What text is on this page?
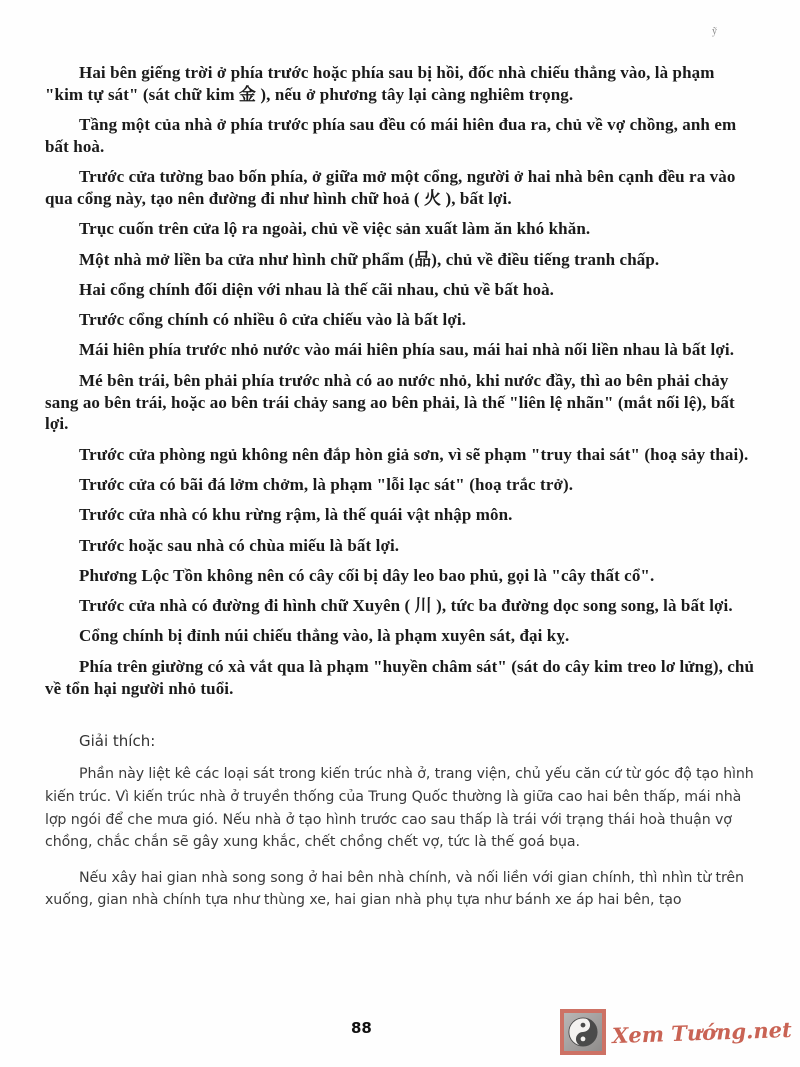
ỹ

Hai bên giếng trời ở phía trước hoặc phía sau bị hồi, đốc nhà chiếu thẳng vào, là phạm "kim tự sát" (sát chữ kim 金 ), nếu ở phương tây lại càng nghiêm trọng.

Tầng một của nhà ở phía trước phía sau đều có mái hiên đua ra, chủ về vợ chồng, anh em bất hoà.

Trước cửa tường bao bốn phía, ở giữa mở một cổng, người ở hai nhà bên cạnh đều ra vào qua cổng này, tạo nên đường đi như hình chữ hoả ( 火 ), bất lợi.

Trục cuốn trên cửa lộ ra ngoài, chủ về việc sản xuất làm ăn khó khăn.

Một nhà mở liền ba cửa như hình chữ phẩm (品), chủ về điều tiếng tranh chấp.

Hai cổng chính đối diện với nhau là thế cãi nhau, chủ về bất hoà.

Trước cổng chính có nhiều ô cửa chiếu vào là bất lợi.

Mái hiên phía trước nhỏ nước vào mái hiên phía sau, mái hai nhà nối liền nhau là bất lợi.

Mé bên trái, bên phải phía trước nhà có ao nước nhỏ, khi nước đầy, thì ao bên phải chảy sang ao bên trái, hoặc ao bên trái chảy sang ao bên phải, là thế "liên lệ nhãn" (mắt nối lệ), bất lợi.

Trước cửa phòng ngủ không nên đắp hòn giả sơn, vì sẽ phạm "truy thai sát" (hoạ sảy thai).

Trước cửa có bãi đá lởm chởm, là phạm "lỗi lạc sát" (hoạ trắc trở).

Trước cửa nhà có khu rừng rậm, là thế quái vật nhập môn.

Trước hoặc sau nhà có chùa miếu là bất lợi.

Phương Lộc Tồn không nên có cây cối bị dây leo bao phủ, gọi là "cây thất cổ".

Trước cửa nhà có đường đi hình chữ Xuyên ( 川 ), tức ba đường dọc song song, là bất lợi.

Cổng chính bị đỉnh núi chiếu thẳng vào, là phạm xuyên sát, đại kỵ.

Phía trên giường có xà vắt qua là phạm "huyền châm sát" (sát do cây kim treo lơ lửng), chủ về tổn hại người nhỏ tuổi.

Giải thích:

Phần này liệt kê các loại sát trong kiến trúc nhà ở, trang viện, chủ yếu căn cứ từ góc độ tạo hình kiến trúc. Vì kiến trúc nhà ở truyền thống của Trung Quốc thường là giữa cao hai bên thấp, mái nhà lợp ngói để che mưa gió. Nếu nhà ở tạo hình trước cao sau thấp là trái với trạng thái hoà thuận vợ chồng, chắc chắn sẽ gây xung khắc, chết chồng chết vợ, tức là thế goá bụa.

Nếu xây hai gian nhà song song ở hai bên nhà chính, và nối liền với gian chính, thì nhìn từ trên xuống, gian nhà chính tựa như thùng xe, hai gian nhà phụ tựa như bánh xe áp hai bên, tạo

88	Xem Tướng.net
